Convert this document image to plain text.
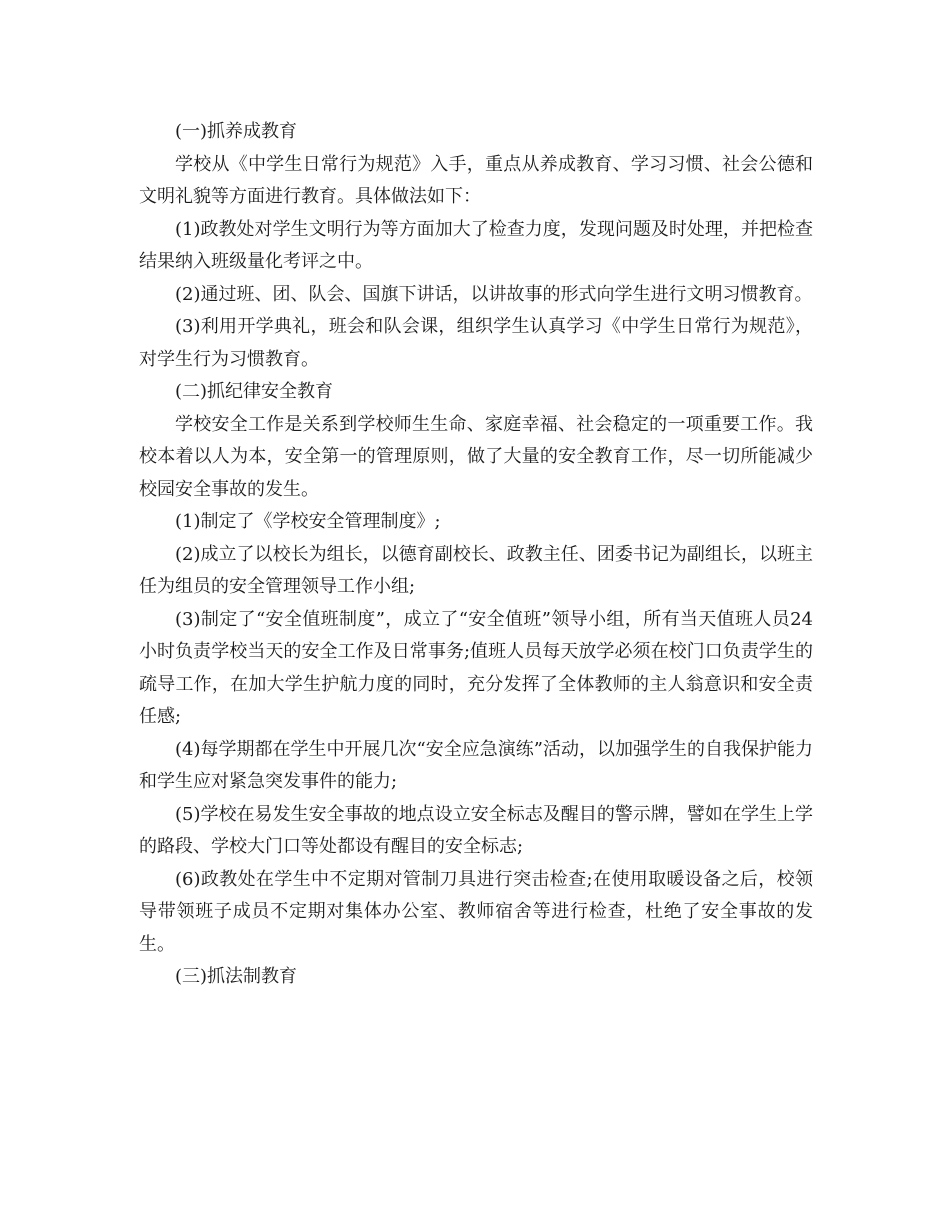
(一)抓养成教育

学校从《中学生日常行为规范》入手，重点从养成教育、学习习惯、社会公德和文明礼貌等方面进行教育。具体做法如下：

(1)政教处对学生文明行为等方面加大了检查力度，发现问题及时处理，并把检查结果纳入班级量化考评之中。

(2)通过班、团、队会、国旗下讲话，以讲故事的形式向学生进行文明习惯教育。

(3)利用开学典礼，班会和队会课，组织学生认真学习《中学生日常行为规范》，对学生行为习惯教育。

(二)抓纪律安全教育

学校安全工作是关系到学校师生生命、家庭幸福、社会稳定的一项重要工作。我校本着以人为本，安全第一的管理原则，做了大量的安全教育工作，尽一切所能减少校园安全事故的发生。

(1)制定了《学校安全管理制度》;

(2)成立了以校长为组长，以德育副校长、政教主任、团委书记为副组长，以班主任为组员的安全管理领导工作小组;

(3)制定了“安全值班制度”，成立了“安全值班”领导小组，所有当天值班人员24小时负责学校当天的安全工作及日常事务;值班人员每天放学必须在校门口负责学生的疏导工作，在加大学生护航力度的同时，充分发挥了全体教师的主人翁意识和安全责任感;

(4)每学期都在学生中开展几次“安全应急演练”活动，以加强学生的自我保护能力和学生应对紧急突发事件的能力;

(5)学校在易发生安全事故的地点设立安全标志及醒目的警示牌，譬如在学生上学的路段、学校大门口等处都设有醒目的安全标志;

(6)政教处在学生中不定期对管制刀具进行突击检查;在使用取暖设备之后，校领导带领班子成员不定期对集体办公室、教师宿舍等进行检查，杜绝了安全事故的发生。

(三)抓法制教育
